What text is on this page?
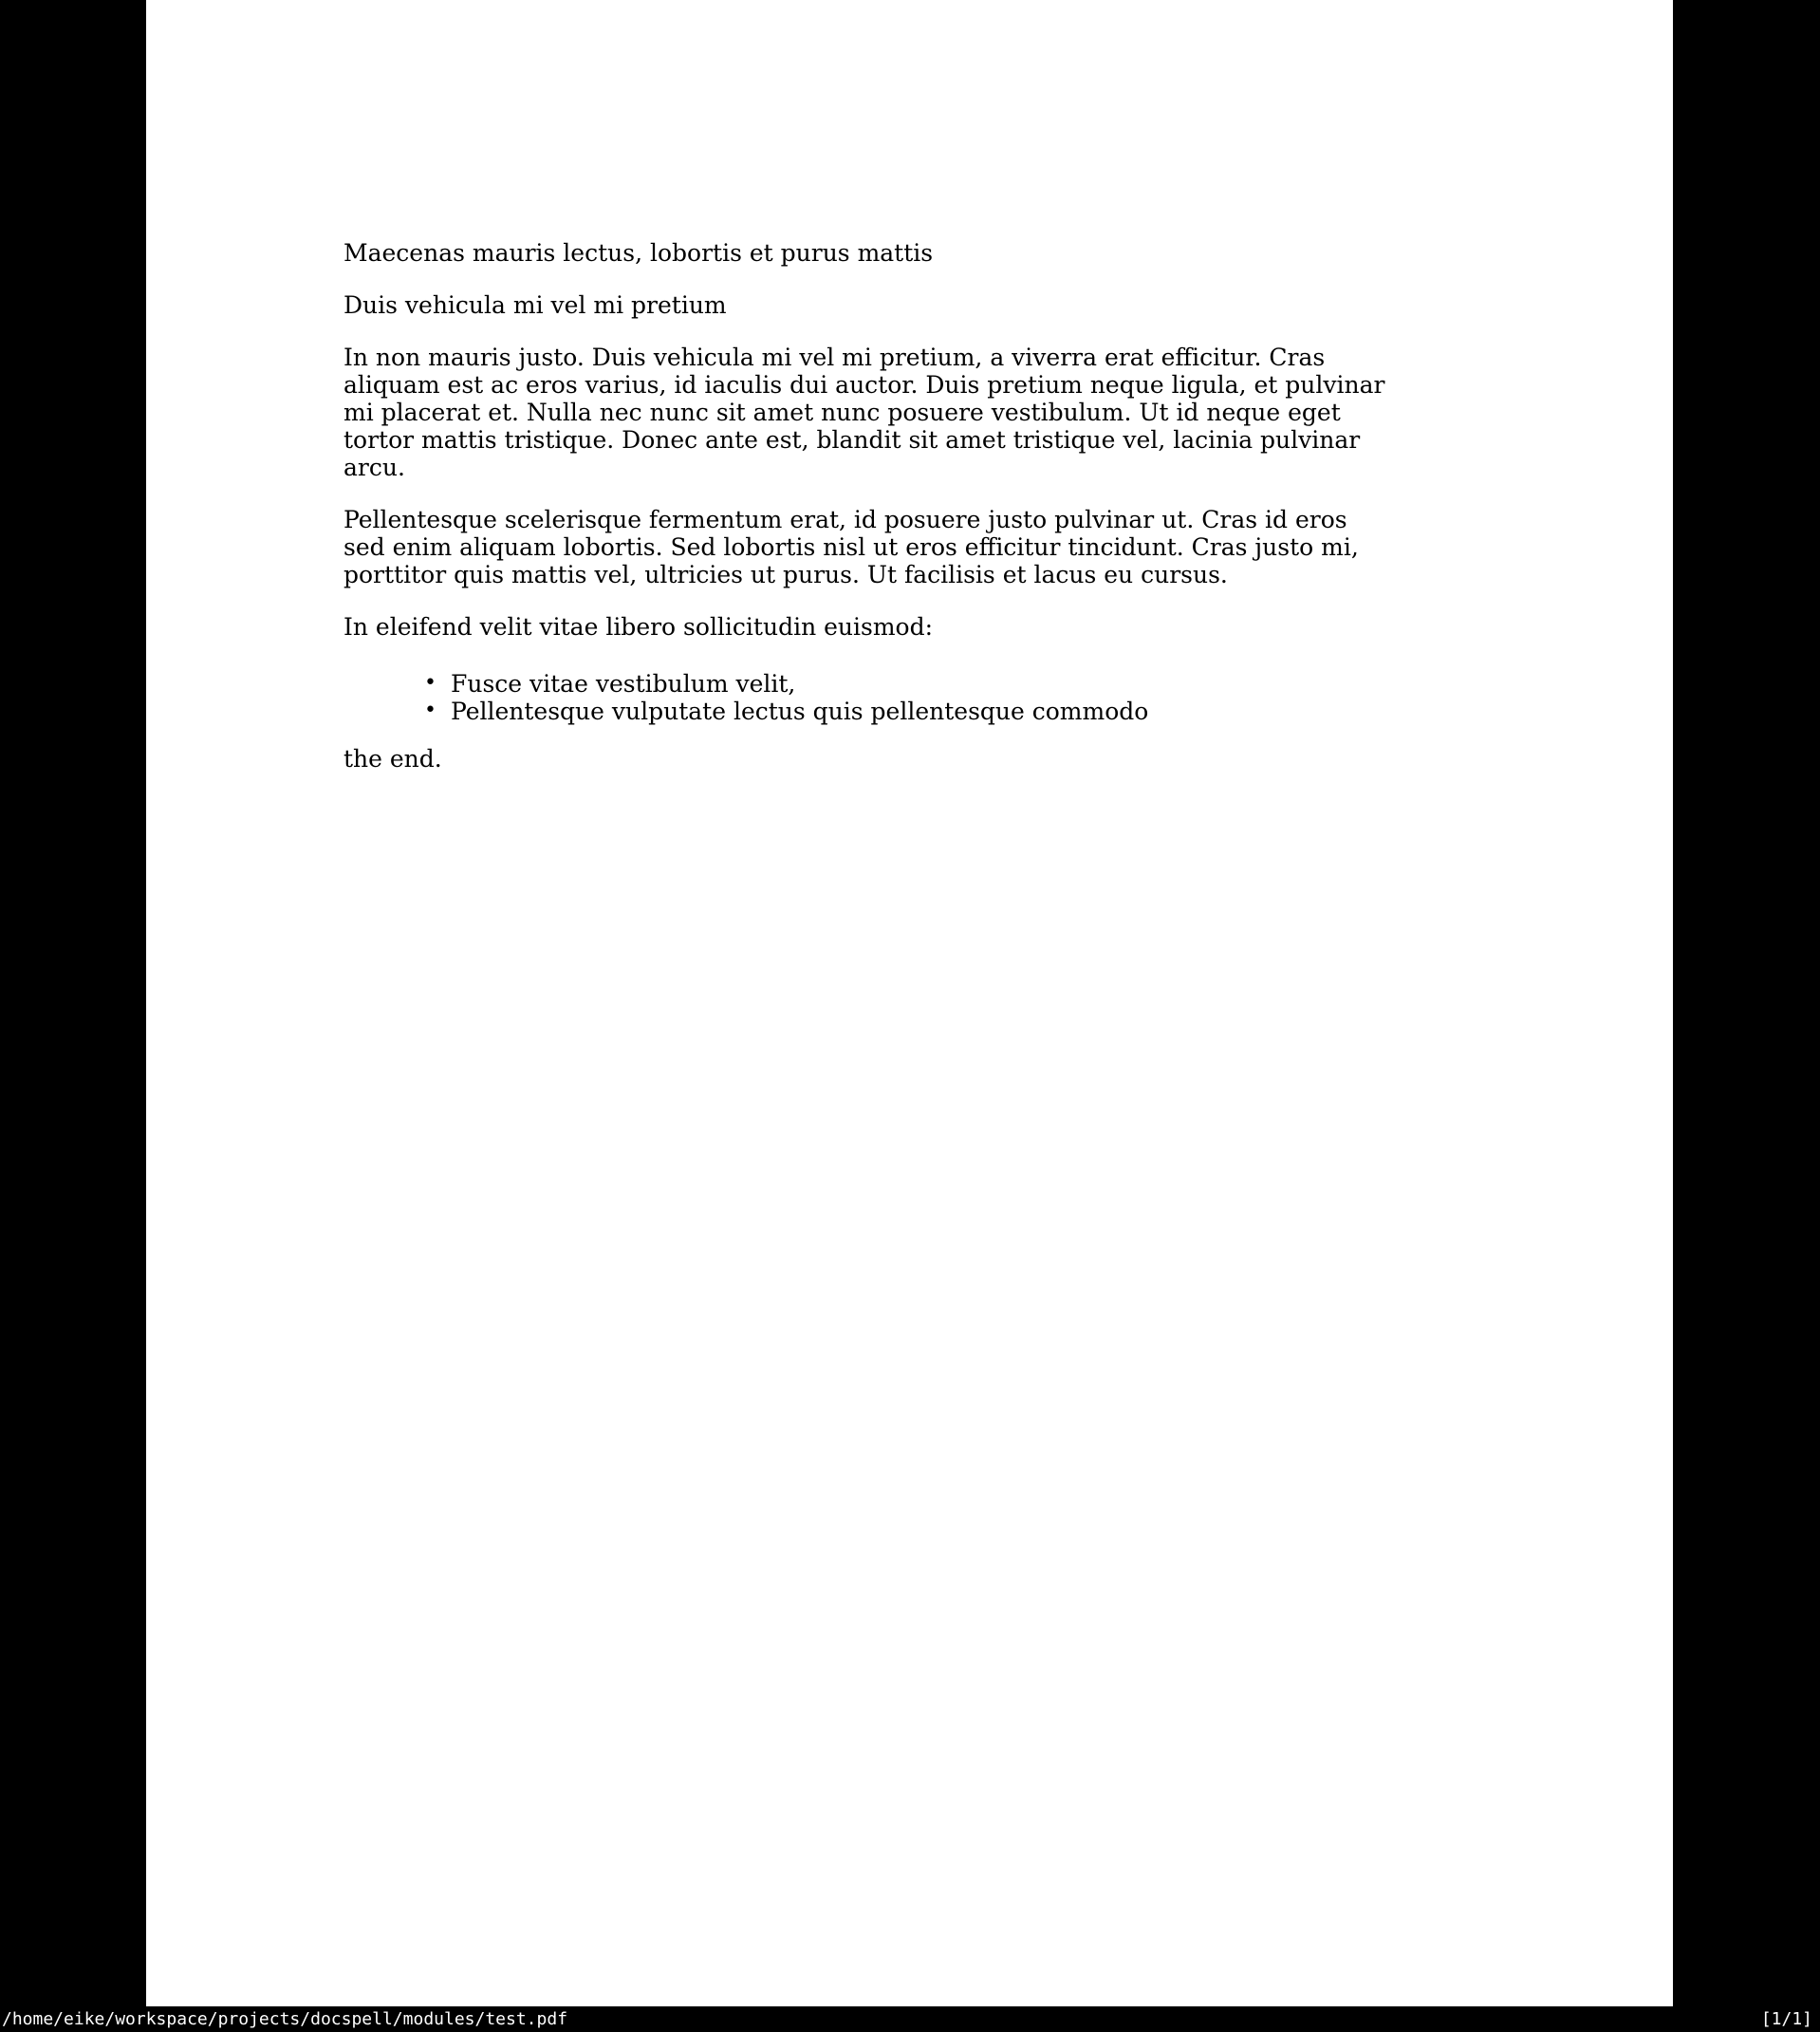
Maecenas mauris lectus, lobortis et purus mattis
Duis vehicula mi vel mi pretium
In non mauris justo. Duis vehicula mi vel mi pretium, a viverra erat efficitur. Cras
aliquam est ac eros varius, id iaculis dui auctor. Duis pretium neque ligula, et pulvinar
mi placerat et. Nulla nec nunc sit amet nunc posuere vestibulum. Ut id neque eget
tortor mattis tristique. Donec ante est, blandit sit amet tristique vel, lacinia pulvinar
arcu.
Pellentesque scelerisque fermentum erat, id posuere justo pulvinar ut. Cras id eros
sed enim aliquam lobortis. Sed lobortis nisl ut eros efficitur tincidunt. Cras justo mi,
porttitor quis mattis vel, ultricies ut purus. Ut facilisis et lacus eu cursus.
In eleifend velit vitae libero sollicitudin euismod:
• Fusce vitae vestibulum velit,
• Pellentesque vulputate lectus quis pellentesque commodo
the end.
/home/eike/workspace/projects/docspell/modules/test.pdf	[1/1]
